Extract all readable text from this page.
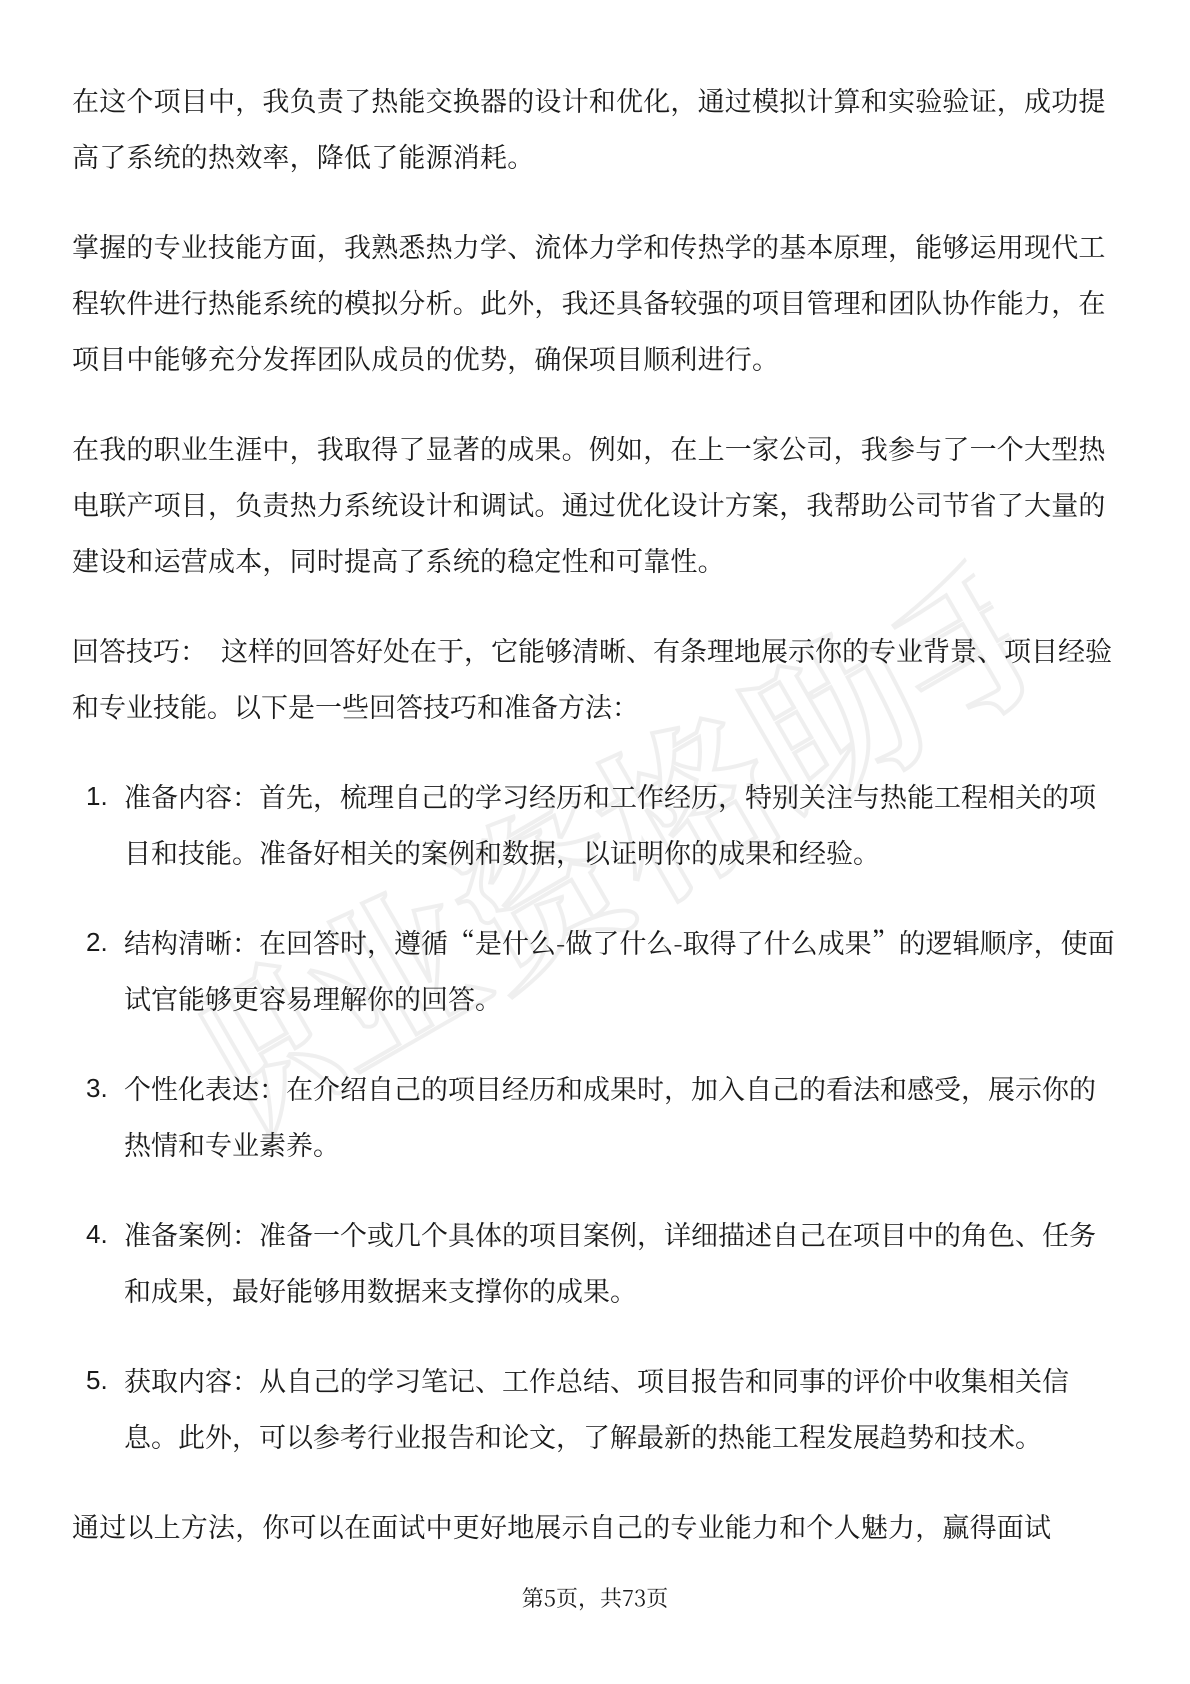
职业资格助手

在这个项目中，我负责了热能交换器的设计和优化，通过模拟计算和实验验证，成功提高了系统的热效率，降低了能源消耗。

掌握的专业技能方面，我熟悉热力学、流体力学和传热学的基本原理，能够运用现代工程软件进行热能系统的模拟分析。此外，我还具备较强的项目管理和团队协作能力，在项目中能够充分发挥团队成员的优势，确保项目顺利进行。

在我的职业生涯中，我取得了显著的成果。例如，在上一家公司，我参与了一个大型热电联产项目，负责热力系统设计和调试。通过优化设计方案，我帮助公司节省了大量的建设和运营成本，同时提高了系统的稳定性和可靠性。

回答技巧： 这样的回答好处在于，它能够清晰、有条理地展示你的专业背景、项目经验和专业技能。以下是一些回答技巧和准备方法：

1. 准备内容：首先，梳理自己的学习经历和工作经历，特别关注与热能工程相关的项目和技能。准备好相关的案例和数据，以证明你的成果和经验。
2. 结构清晰：在回答时，遵循“是什么-做了什么-取得了什么成果”的逻辑顺序，使面试官能够更容易理解你的回答。
3. 个性化表达：在介绍自己的项目经历和成果时，加入自己的看法和感受，展示你的热情和专业素养。
4. 准备案例：准备一个或几个具体的项目案例，详细描述自己在项目中的角色、任务和成果，最好能够用数据来支撑你的成果。
5. 获取内容：从自己的学习笔记、工作总结、项目报告和同事的评价中收集相关信息。此外，可以参考行业报告和论文，了解最新的热能工程发展趋势和技术。

通过以上方法，你可以在面试中更好地展示自己的专业能力和个人魅力，赢得面试

第5页，共73页
